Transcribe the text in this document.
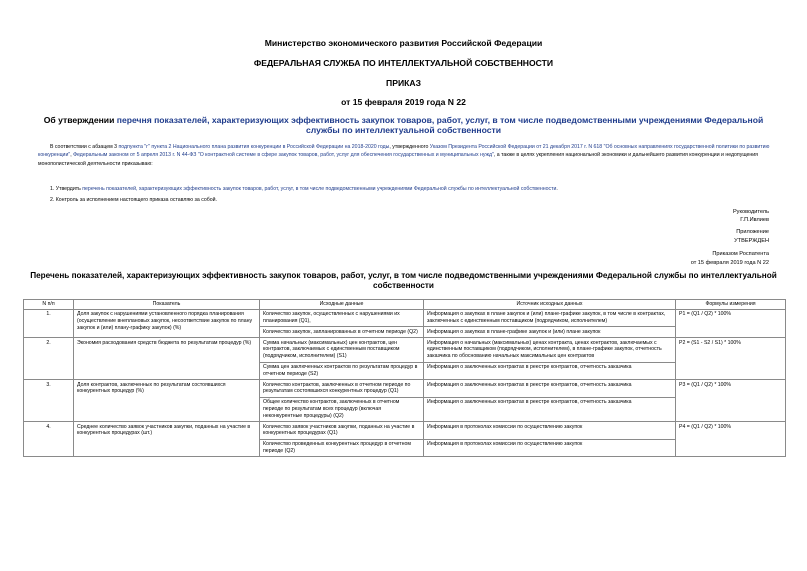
Министерство экономического развития Российской Федерации
ФЕДЕРАЛЬНАЯ СЛУЖБА ПО ИНТЕЛЛЕКТУАЛЬНОЙ СОБСТВЕННОСТИ
ПРИКАЗ
от 15 февраля 2019 года N 22
Об утверждении перечня показателей, характеризующих эффективность закупок товаров, работ, услуг, в том числе подведомственными учреждениями Федеральной службы по интеллектуальной собственности
В соответствии с абзацем 3 подпункта "г" пункта 2 Национального плана развития конкуренции в Российской Федерации на 2018-2020 годы, утвержденного Указом Президента Российской Федерации от 21 декабря 2017 г. N 618 "Об основных направлениях государственной политики по развитию конкуренции", Федеральным законом от 5 апреля 2013 г. N 44-ФЗ "О контрактной системе в сфере закупок товаров, работ, услуг для обеспечения государственных и муниципальных нужд", а также в целях укрепления национальной экономики и дальнейшего развития конкуренции и недопущения монополистической деятельности приказываю:
1. Утвердить перечень показателей, характеризующих эффективность закупок товаров, работ, услуг, в том числе подведомственными учреждениями Федеральной службы по интеллектуальной собственности.
2. Контроль за исполнением настоящего приказа оставляю за собой.
Руководитель
Г.П.Ивлиев
Приложение
УТВЕРЖДЕН
Приказом Роспатента
от 15 февраля 2019 года N 22
Перечень показателей, характеризующих эффективность закупок товаров, работ, услуг, в том числе подведомственными учреждениями Федеральной службы по интеллектуальной собственности
N п/п	Показатель	Исходные данные	Источник исходных данных	Формулы измерения
1.	Доля закупок с нарушениями установленного порядка планирования (осуществление внеплановых закупок, несоответствие закупок по плану закупок и (или) плану-графику закупок) (%)	Количество закупок, осуществленных с нарушениями их планирования (Q1),	Информация о закупках в плане закупок и (или) плане-графике закупок, в том числе в контрактах, заключенных с единственным поставщиком (подрядчиком, исполнителем)	P1 = (Q1 / Q2) * 100%
		Количество закупок, запланированных в отчетном периоде (Q2)	Информация о закупках в плане-графике закупок и (или) плане закупок	
2.	Экономия расходования средств бюджета по результатам процедур (%)	Сумма начальных (максимальных) цен контрактов, цен контрактов, заключаемых с единственным поставщиком (подрядчиком, исполнителем) (S1)	Информация о начальных (максимальных) ценах контракта, ценах контрактов, заключаемых с единственным поставщиком (подрядчиком, исполнителем), в плане-графике закупок, отчетность заказчика по обоснованию начальных максимальных цен контрактов	P2 = (S1 - S2 / S1) * 100%
		Сумма цен заключенных контрактов по результатам процедур в отчетном периоде (S2)	Информация о заключенных контрактах в реестре контрактов, отчетность заказчика	
3.	Доля контрактов, заключенных по результатам состоявшихся конкурентных процедур (%)	Количество контрактов, заключенных в отчетном периоде по результатам состоявшихся конкурентных процедур (Q1)	Информация о заключенных контрактах в реестре контрактов, отчетность заказчика	P3 = (Q1 / Q2) * 100%
		Общее количество контрактов, заключенных в отчетном периоде по результатам всех процедур (включая неконкурентные процедуры) (Q2)	Информация о заключенных контрактах в реестре контрактов, отчетность заказчика	
4.	Среднее количество заявок участников закупки, поданных на участие в конкурентных процедурах (шт.)	Количество заявок участников закупки, поданных на участие в конкурентных процедурах (Q1)	Информация в протоколах комиссии по осуществлению закупок	P4 = (Q1 / Q2) * 100%
		Количество проведенных конкурентных процедур в отчетном периоде (Q2)	Информация в протоколах комиссии по осуществлению закупок	
